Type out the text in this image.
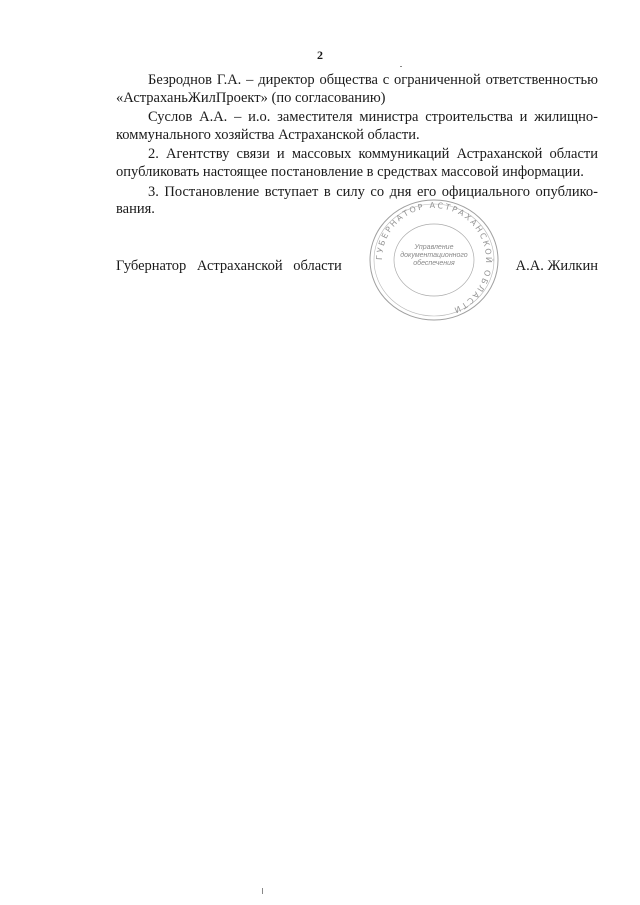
2

Безроднов Г.А. – директор общества с ограниченной ответственностью «АстраханьЖилПроект» (по согласованию)

Суслов А.А. – и.о. заместителя министра строительства и жилищно-коммунального хозяйства Астраханской области.

2. Агентству связи и массовых коммуникаций Астраханской области опубликовать настоящее постановление в средствах массовой информации.

3. Постановление вступает в силу со дня его официального опублико-вания.

ГУБЕРНАТОР АСТРАХАНСКОЙ ОБЛАСТИ
Управление
документационного
обеспечения
Губернатор Астраханской области	А.А. Жилкин
